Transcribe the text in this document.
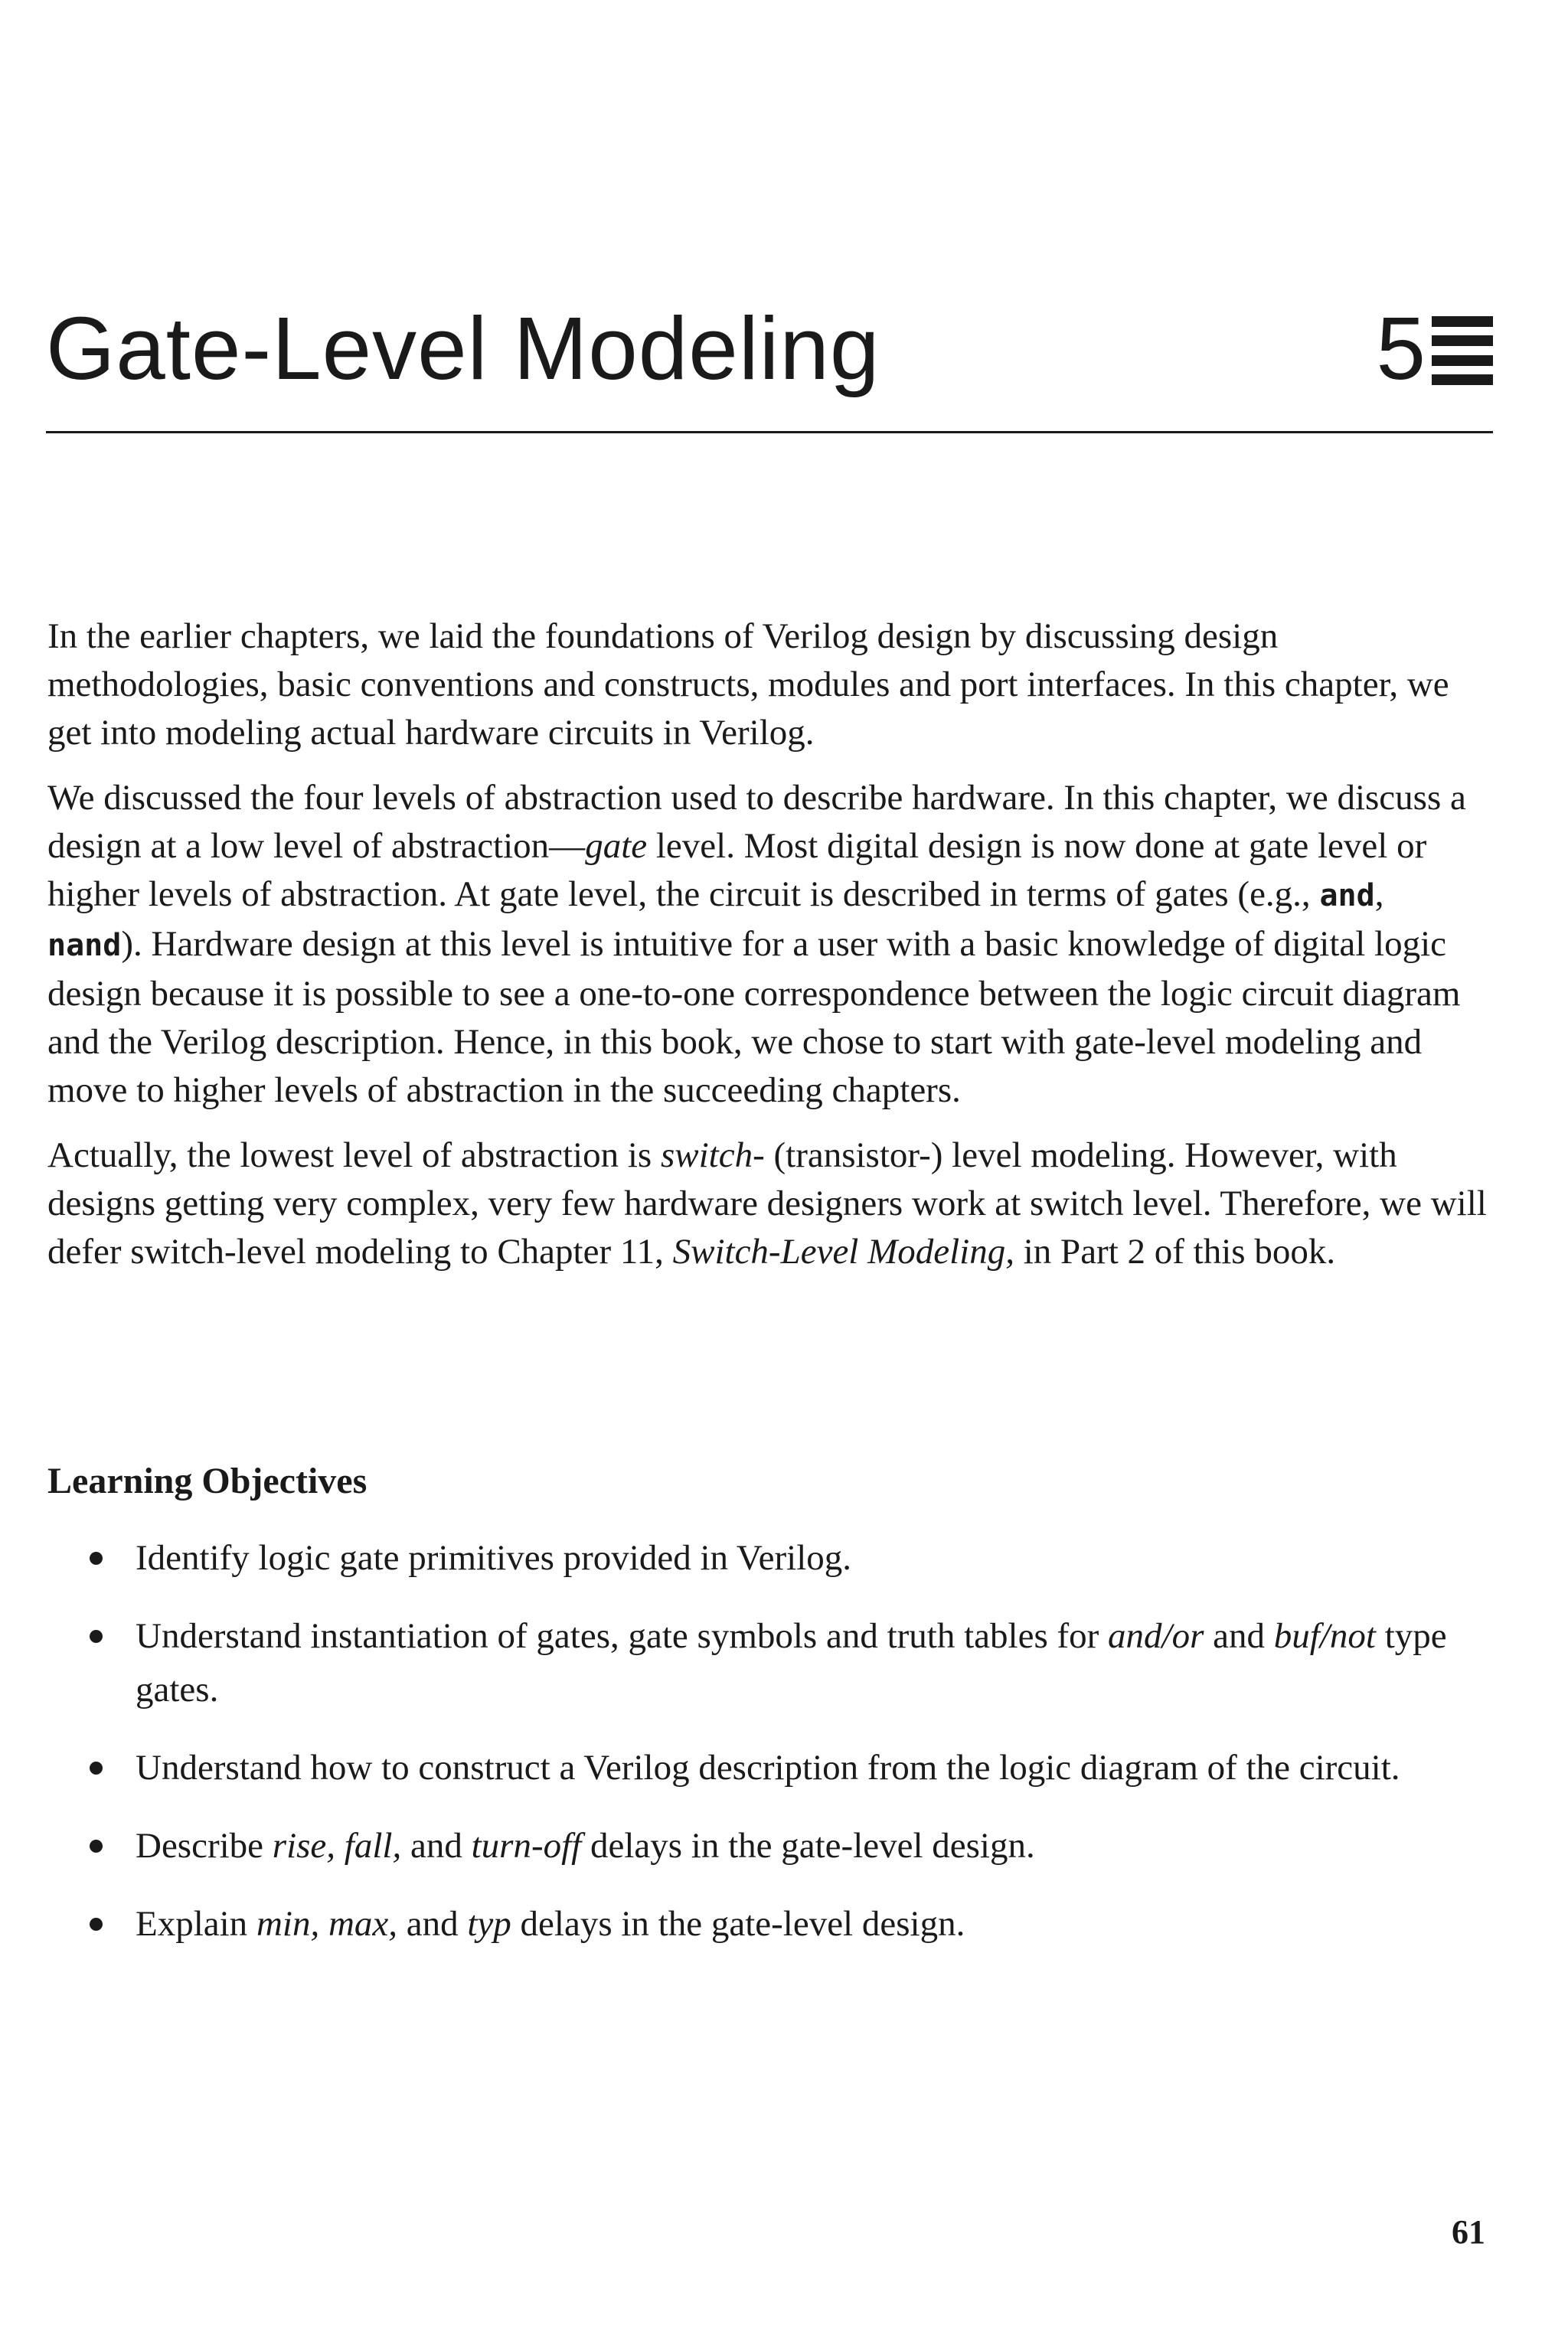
Gate-Level Modeling	5

In the earlier chapters, we laid the foundations of Verilog design by discussing design methodologies, basic conventions and constructs, modules and port interfaces. In this chapter, we get into modeling actual hardware circuits in Verilog.

We discussed the four levels of abstraction used to describe hardware. In this chapter, we discuss a design at a low level of abstraction—gate level. Most digital design is now done at gate level or higher levels of abstraction. At gate level, the circuit is described in terms of gates (e.g., and, nand). Hardware design at this level is intuitive for a user with a basic knowledge of digital logic design because it is possible to see a one-to-one correspondence between the logic circuit diagram and the Verilog description. Hence, in this book, we chose to start with gate-level modeling and move to higher levels of abstraction in the succeeding chapters.

Actually, the lowest level of abstraction is switch- (transistor-) level modeling. However, with designs getting very complex, very few hardware designers work at switch level. Therefore, we will defer switch-level modeling to Chapter 11, Switch-Level Modeling, in Part 2 of this book.

Learning Objectives
Identify logic gate primitives provided in Verilog.
Understand instantiation of gates, gate symbols and truth tables for and/or and buf/not type gates.
Understand how to construct a Verilog description from the logic diagram of the circuit.
Describe rise, fall, and turn-off delays in the gate-level design.
Explain min, max, and typ delays in the gate-level design.
61
